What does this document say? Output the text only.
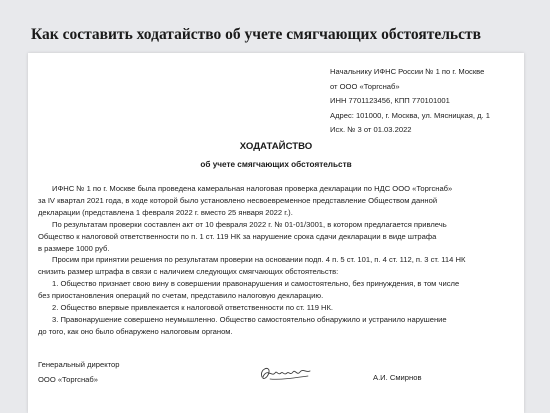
Как составить ходатайство об учете смягчающих обстоятельств
Начальнику ИФНС России № 1 по г. Москве
от ООО «Торгснаб»
ИНН 7701123456, КПП 770101001
Адрес: 101000, г. Москва, ул. Мясницкая, д. 1
Исх. № 3 от 01.03.2022
ХОДАТАЙСТВО
об учете смягчающих обстоятельств

ИФНС № 1 по г. Москве была проведена камеральная налоговая проверка декларации по НДС ООО «Торгснаб»
за IV квартал 2021 года, в ходе которой было установлено несвоевременное представление Обществом данной
декларации (представлена 1 февраля 2022 г. вместо 25 января 2022 г.).

По результатам проверки составлен акт от 10 февраля 2022 г. № 01-01/3001, в котором предлагается привлечь
Общество к налоговой ответственности по п. 1 ст. 119 НК за нарушение срока сдачи декларации в виде штрафа
в размере 1000 руб.

Просим при принятии решения по результатам проверки на основании подп. 4 п. 5 ст. 101, п. 4 ст. 112, п. 3 ст. 114 НК
снизить размер штрафа в связи с наличием следующих смягчающих обстоятельств:

1. Общество признает свою вину в совершении правонарушения и самостоятельно, без принуждения, в том числе
без приостановления операций по счетам, представило налоговую декларацию.

2. Общество впервые привлекается к налоговой ответственности по ст. 119 НК.

3. Правонарушение совершено неумышленно. Общество самостоятельно обнаружило и устранило нарушение
до того, как оно было обнаружено налоговым органом.

Генеральный директор
ООО «Торгснаб»	А.И. Смирнов
